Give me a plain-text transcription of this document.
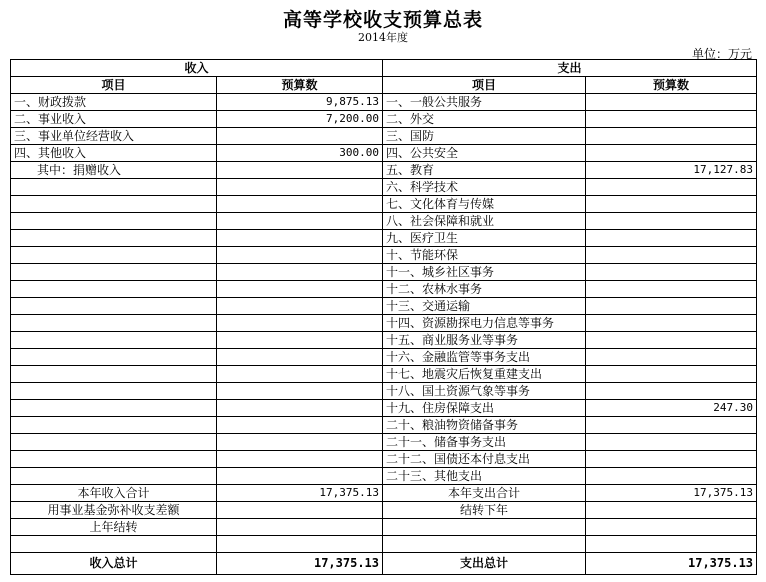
高等学校收支预算总表
2014年度
单位：万元
收入		支出	
项目	预算数	项目	预算数
一、财政拨款	9,875.13	一、一般公共服务	
二、事业收入	7,200.00	二、外交	
三、事业单位经营收入		三、国防	
四、其他收入	300.00	四、公共安全	
其中：捐赠收入		五、教育	17,127.83
		六、科学技术	
		七、文化体育与传媒	
		八、社会保障和就业	
		九、医疗卫生	
		十、节能环保	
		十一、城乡社区事务	
		十二、农林水事务	
		十三、交通运输	
		十四、资源勘探电力信息等事务	
		十五、商业服务业等事务	
		十六、金融监管等事务支出	
		十七、地震灾后恢复重建支出	
		十八、国土资源气象等事务	
		十九、住房保障支出	247.30
		二十、粮油物资储备事务	
		二十一、储备事务支出	
		二十二、国债还本付息支出	
		二十三、其他支出	
本年收入合计	17,375.13	本年支出合计	17,375.13
用事业基金弥补收支差额		结转下年	
上年结转			

收入总计	17,375.13	支出总计	17,375.13
